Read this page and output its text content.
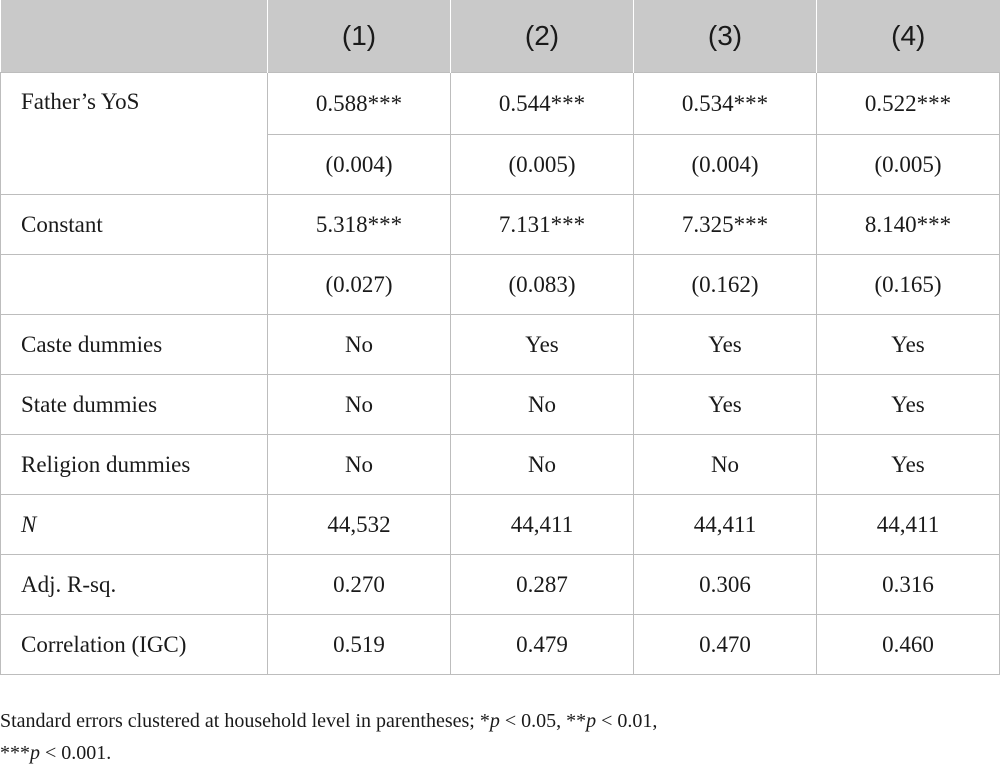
	(1)	(2)	(3)	(4)
Father’s YoS	0.588***	0.544***	0.534***	0.522***
	(0.004)	(0.005)	(0.004)	(0.005)
Constant	5.318***	7.131***	7.325***	8.140***
	(0.027)	(0.083)	(0.162)	(0.165)
Caste dummies	No	Yes	Yes	Yes
State dummies	No	No	Yes	Yes
Religion dummies	No	No	No	Yes
N	44,532	44,411	44,411	44,411
Adj. R-sq.	0.270	0.287	0.306	0.316
Correlation (IGC)	0.519	0.479	0.470	0.460
Standard errors clustered at household level in parentheses; *p < 0.05, **p < 0.01,
***p < 0.001.
